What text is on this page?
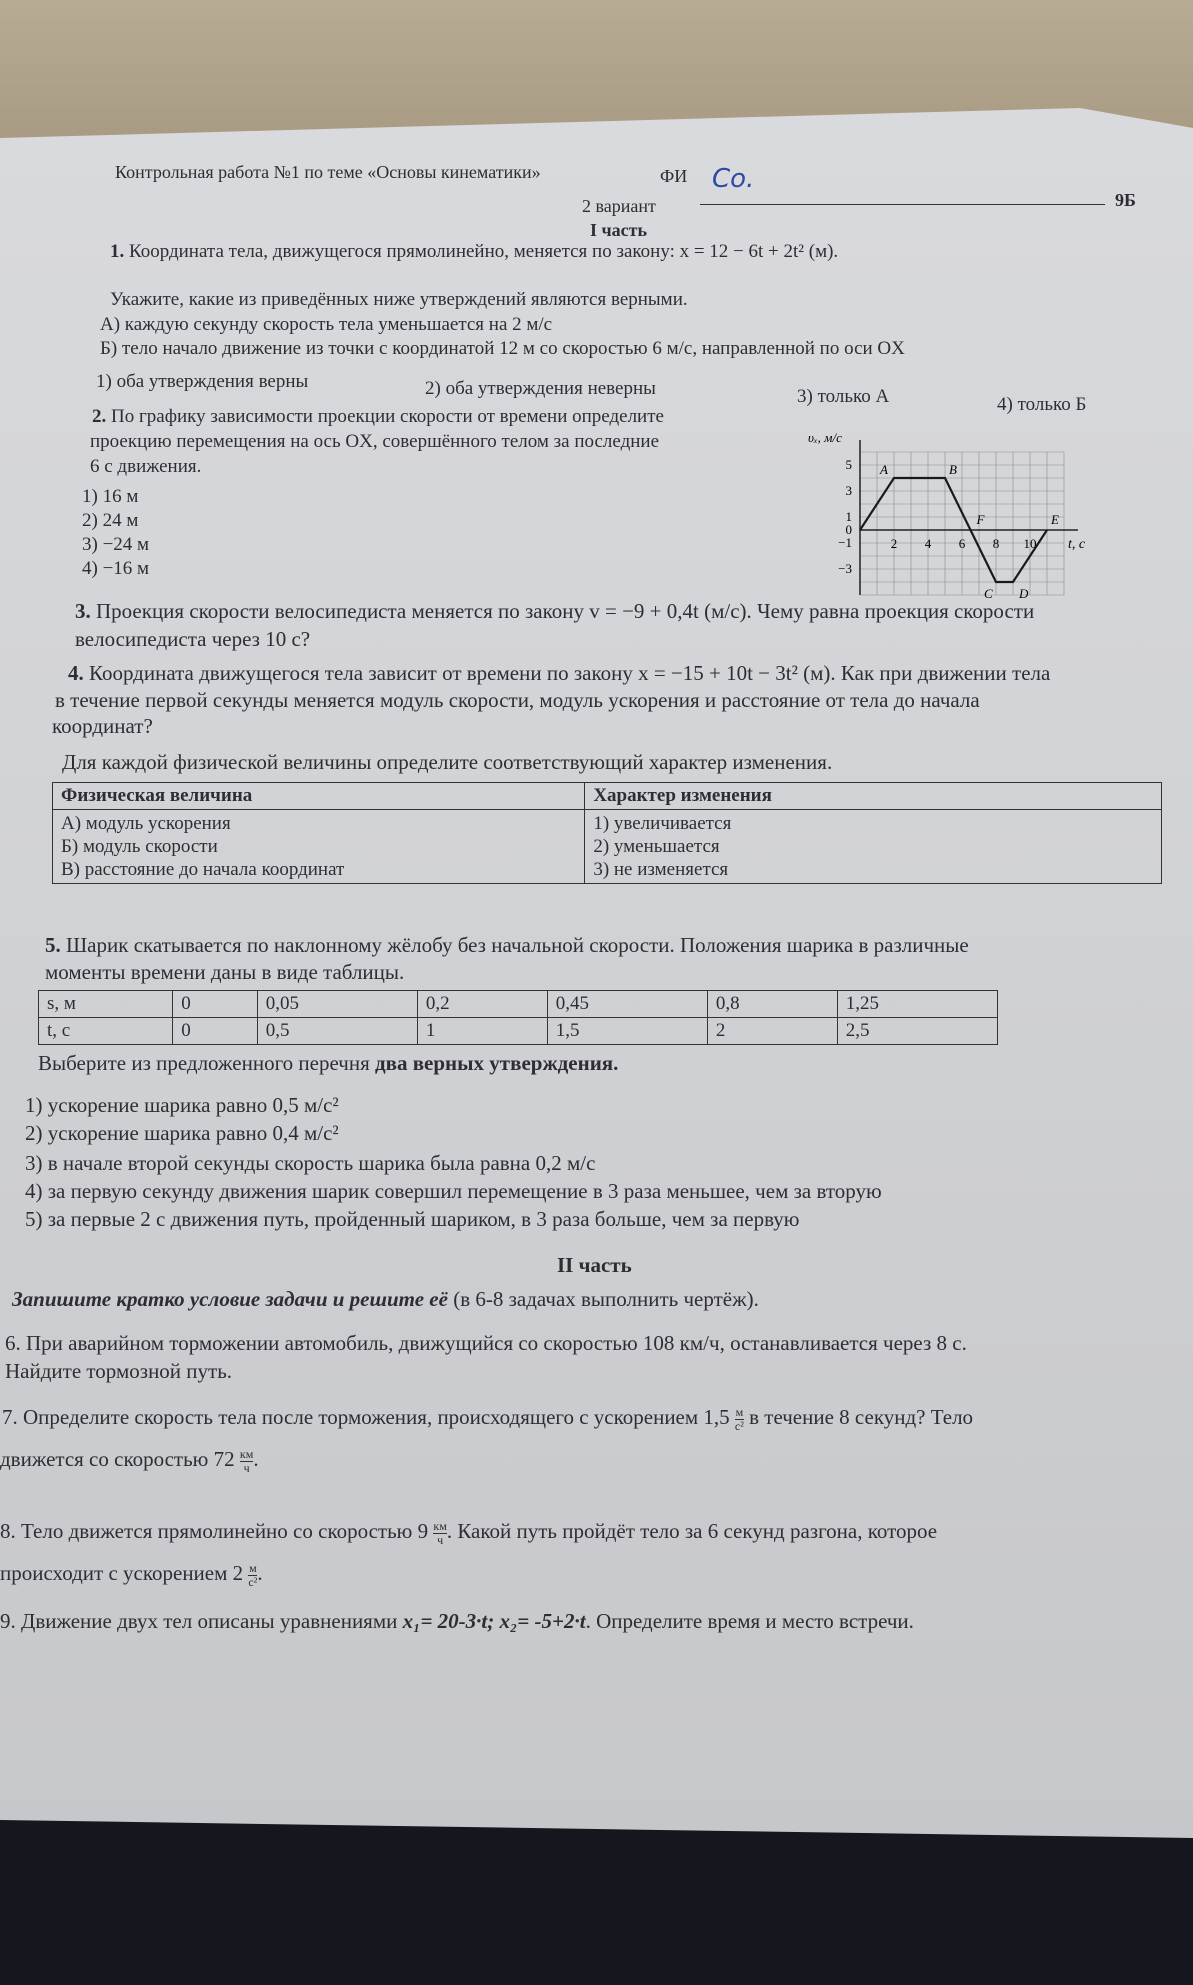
Контрольная работа №1 по теме «Основы кинематики»	ФИ Со.
9Б
2 вариант
I часть
1. Координата тела, движущегося прямолинейно, меняется по закону: x = 12 − 6t + 2t² (м).
Укажите, какие из приведённых ниже утверждений являются верными.
А) каждую секунду скорость тела уменьшается на 2 м/с
Б) тело начало движение из точки с координатой 12 м со скоростью 6 м/с, направленной по оси OX
1) оба утверждения верны	2) оба утверждения неверны	3) только А	4) только Б
2. По графику зависимости проекции скорости от времени определите
проекцию перемещения на ось OX, совершённого телом за последние
6 с движения.
1) 16 м
2) 24 м
3) −24 м
4) −16 м
υₓ, м/с
t, с
5
3
1
0
−1
−3
2 4 6 8 10
A	B
C D
E
F
3. Проекция скорости велосипедиста меняется по закону v = −9 + 0,4t (м/с). Чему равна проекция скорости
велосипедиста через 10 с?
4. Координата движущегося тела зависит от времени по закону x = −15 + 10t − 3t² (м). Как при движении тела
в течение первой секунды меняется модуль скорости, модуль ускорения и расстояние от тела до начала
координат?
Для каждой физической величины определите соответствующий характер изменения.
Физическая величина	Характер изменения

А) модуль ускорения
Б) модуль скорости
В) расстояние до начала координат	1) увеличивается
2) уменьшается
3) не изменяется
5. Шарик скатывается по наклонному жёлобу без начальной скорости. Положения шарика в различные
моменты времени даны в виде таблицы.
s, м	0	0,05	0,2	0,45	0,8	1,25
t, с	0	0,5	1	1,5	2	2,5
Выберите из предложенного перечня два верных утверждения.
1) ускорение шарика равно 0,5 м/с²
2) ускорение шарика равно 0,4 м/с²
3) в начале второй секунды скорость шарика была равна 0,2 м/с
4) за первую секунду движения шарик совершил перемещение в 3 раза меньшее, чем за вторую
5) за первые 2 с движения путь, пройденный шариком, в 3 раза больше, чем за первую
II часть
Запишите кратко условие задачи и решите её (в 6-8 задачах выполнить чертёж).
6. При аварийном торможении автомобиль, движущийся со скоростью 108 км/ч, останавливается через 8 с.
Найдите тормозной путь.
7. Определите скорость тела после торможения, происходящего с ускорением $1,5 \frac{м}{\text{с²}}$ в течение 8 секунд? Тело
движется со скоростью $72 \frac{км}{ч}$ .
8. Тело движется прямолинейно со скоростью $9 \frac{км}{ч}$ . Какой путь пройдёт тело за 6 секунд разгона, которое
происходит с ускорением $2 \frac{м}{\text{с²}}$ .
9. Движение двух тел описаны уравнениями x₁= 20-3·t; x₂= -5+2·t. Определите время и место встречи.
